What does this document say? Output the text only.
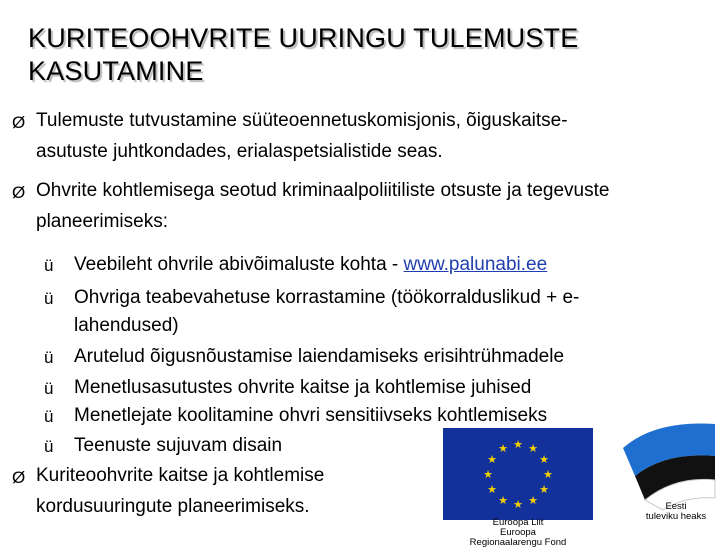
KURITEOOHVRITE UURINGU TULEMUSTE
KASUTAMINE
Ø Tulemuste tutvustamine süüteoennetuskomisjonis, õiguskaitse-
asutuste juhtkondades, erialaspetsialistide seas.
Ø Ohvrite kohtlemisega seotud kriminaalpoliitiliste otsuste ja tegevuste
planeerimiseks:
ü Veebileht ohvrile abivõimaluste kohta - www.palunabi.ee
ü Ohvriga teabevahetuse korrastamine (töökorralduslikud + e-
lahendused)
ü Arutelud õigusnõustamise laiendamiseks erisihtrühmadele
ü Menetlusasutustes ohvrite kaitse ja kohtlemise juhised
ü Menetlejate koolitamine ohvri sensitiivseks kohtlemiseks
ü Teenuste sujuvam disain
Ø Kuriteoohvrite kaitse ja kohtlemise
kordusuuringute planeerimiseks.
★ ★
★
★
★
★
★
★
★
★
★
★
Euroopa Liit
Euroopa
Regionaalarengu Fond
Eesti
tuleviku heaks
